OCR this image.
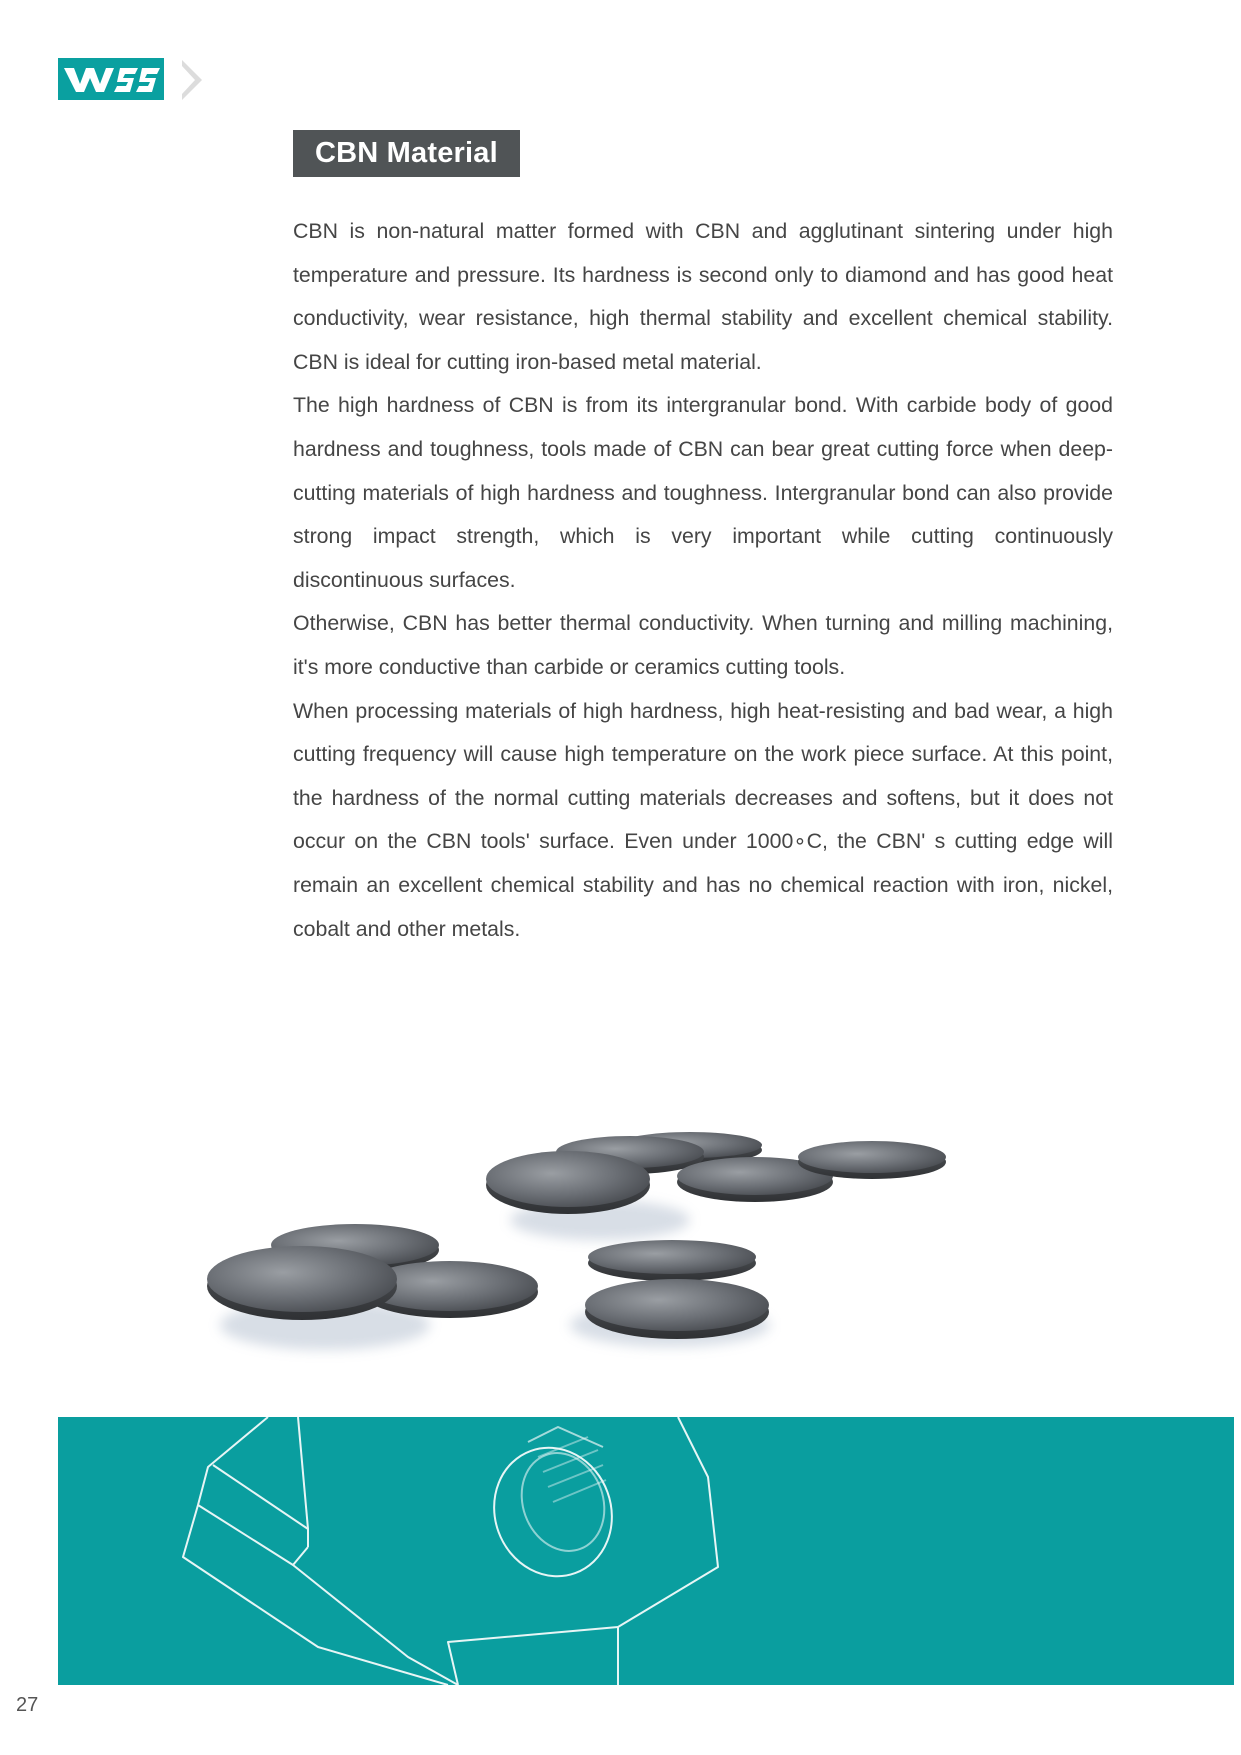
CBN Material

CBN is non-natural matter formed with CBN and agglutinant sintering under high temperature and pressure. Its hardness is second only to diamond and has good heat conductivity, wear resistance, high thermal stability and excellent chemical stability. CBN is ideal for cutting iron-based metal material.

The high hardness of CBN is from its intergranular bond. With carbide body of good hardness and toughness, tools made of CBN can bear great cutting force when deep-cutting materials of high hardness and toughness. Intergranular bond can also provide strong impact strength, which is very important while cutting continuously discontinuous surfaces.

Otherwise, CBN has better thermal conductivity. When turning and milling machining, it's more conductive than carbide or ceramics cutting tools.

When processing materials of high hardness, high heat-resisting and bad wear, a high cutting frequency will cause high temperature on the work piece surface. At this point, the hardness of the normal cutting materials decreases and softens, but it does not occur on the CBN tools' surface. Even under 1000∘C, the CBN' s cutting edge will remain an excellent chemical stability and has no chemical reaction with iron, nickel, cobalt and other metals.

27
